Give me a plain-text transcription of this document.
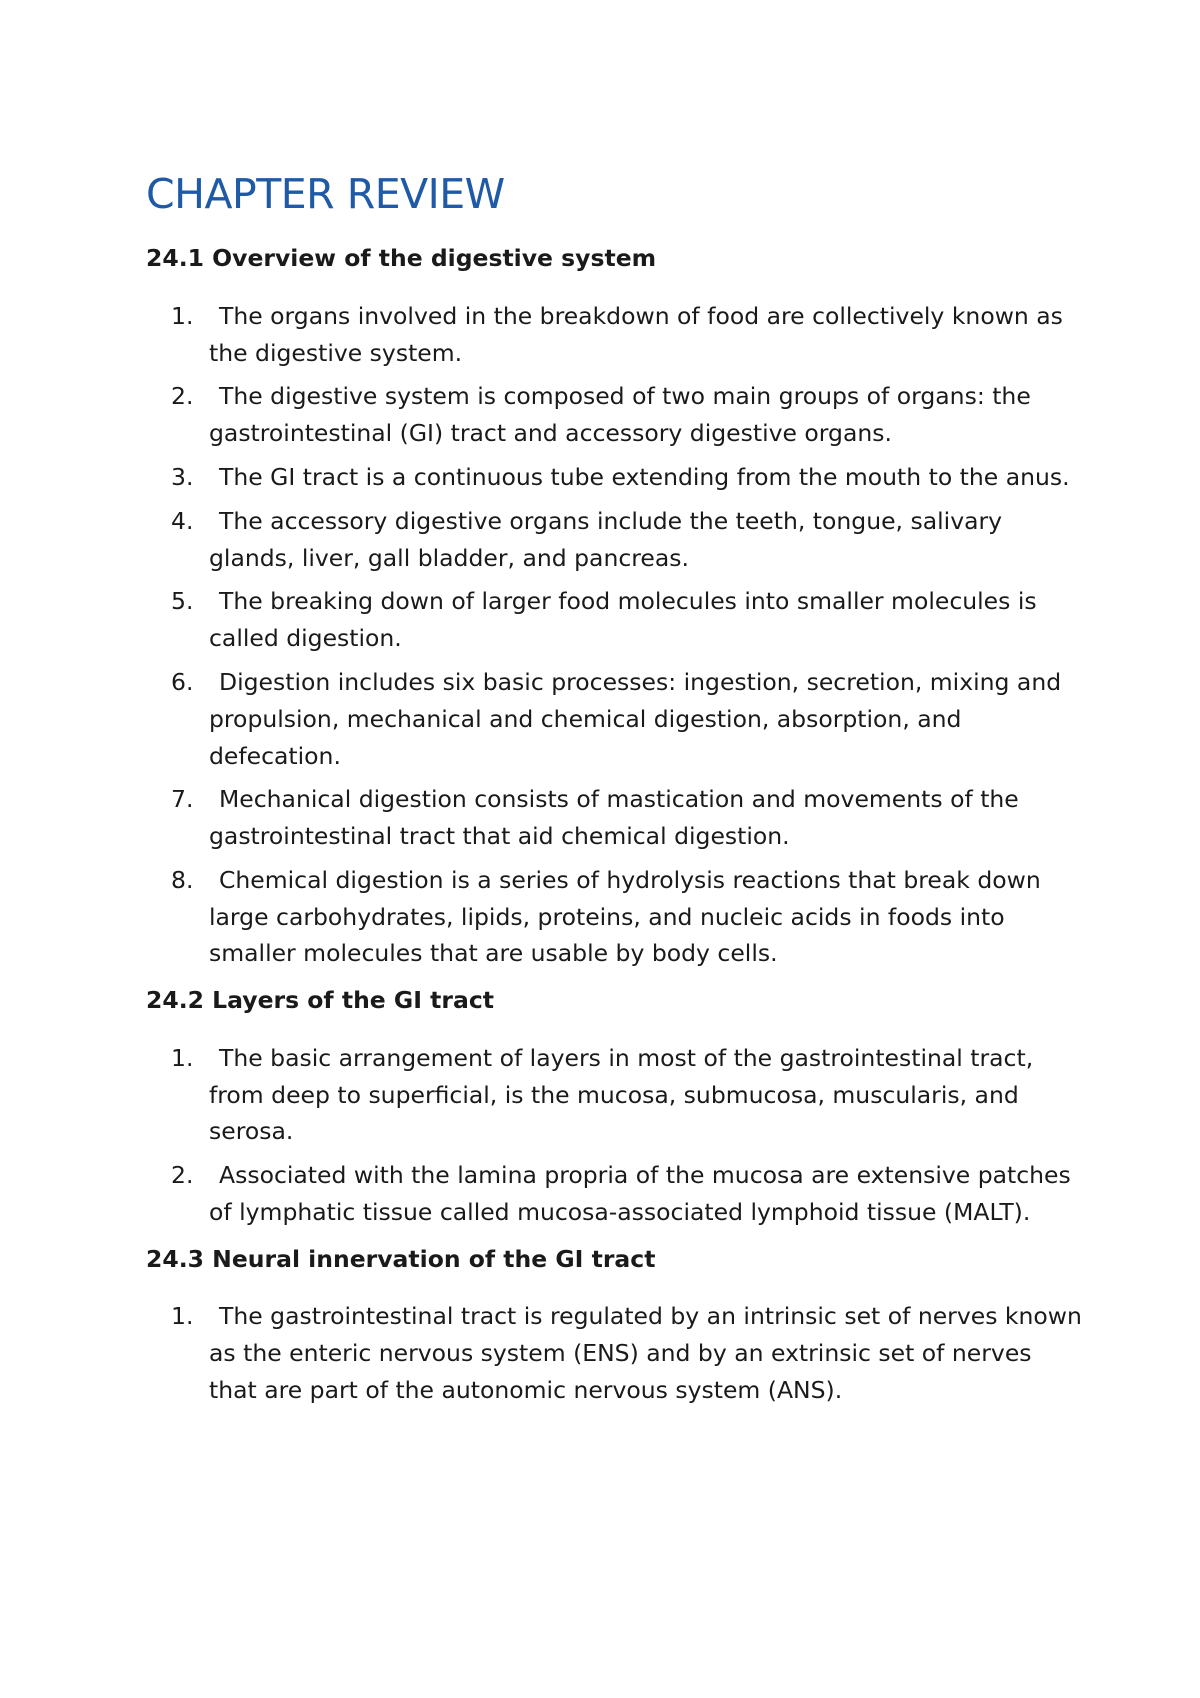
CHAPTER REVIEW
24.1 Overview of the digestive system
1.	The organs involved in the breakdown of food are collectively known as the digestive system.
2.	The digestive system is composed of two main groups of organs: the gastrointestinal (GI) tract and accessory digestive organs.
3.	The GI tract is a continuous tube extending from the mouth to the anus.
4.	The accessory digestive organs include the teeth, tongue, salivary glands, liver, gall bladder, and pancreas.
5.	The breaking down of larger food molecules into smaller molecules is called digestion.
6.	Digestion includes six basic processes: ingestion, secretion, mixing and propulsion, mechanical and chemical digestion, absorption, and defecation.
7.	Mechanical digestion consists of mastication and movements of the gastrointestinal tract that aid chemical digestion.
8.	Chemical digestion is a series of hydrolysis reactions that break down large carbohydrates, lipids, proteins, and nucleic acids in foods into smaller molecules that are usable by body cells.
24.2 Layers of the GI tract
1.	The basic arrangement of layers in most of the gastrointestinal tract, from deep to superficial, is the mucosa, submucosa, muscularis, and serosa.
2.	Associated with the lamina propria of the mucosa are extensive patches of lymphatic tissue called mucosa-associated lymphoid tissue (MALT).
24.3 Neural innervation of the GI tract
1.	The gastrointestinal tract is regulated by an intrinsic set of nerves known as the enteric nervous system (ENS) and by an extrinsic set of nerves that are part of the autonomic nervous system (ANS).
